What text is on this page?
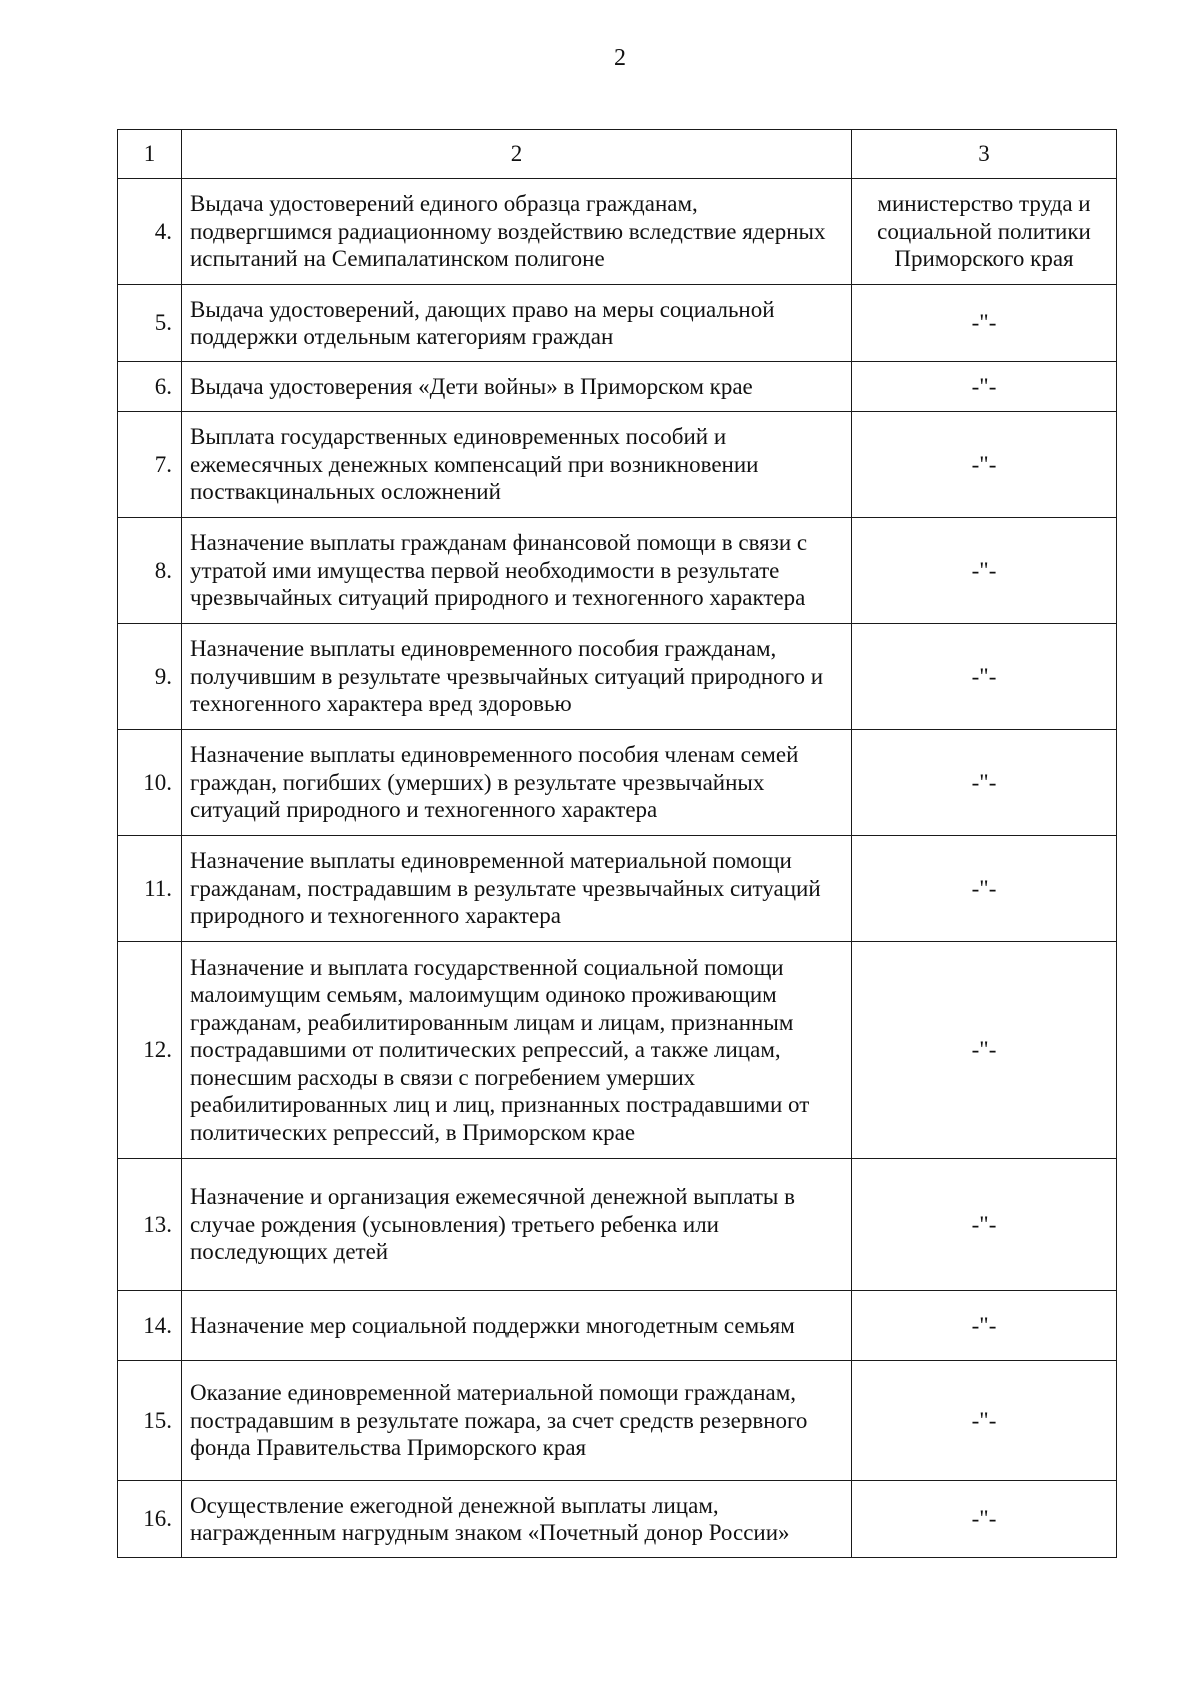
2
1	2	3
4.	Выдача удостоверений единого образца гражданам, подвергшимся радиационному воздействию вследствие ядерных испытаний на Семипалатинском полигоне	министерство труда и социальной политики Приморского края
5.	Выдача удостоверений, дающих право на меры социальной поддержки отдельным категориям граждан	-"-
6.	Выдача удостоверения «Дети войны» в Приморском крае	-"-
7.	Выплата государственных единовременных пособий и ежемесячных денежных компенсаций при возникновении поствакцинальных осложнений	-"-
8.	Назначение выплаты гражданам финансовой помощи в связи с утратой ими имущества первой необходимости в результате чрезвычайных ситуаций природного и техногенного характера	-"-
9.	Назначение выплаты единовременного пособия гражданам, получившим в результате чрезвычайных ситуаций природного и техногенного характера вред здоровью	-"-
10.	Назначение выплаты единовременного пособия членам семей граждан, погибших (умерших) в результате чрезвычайных ситуаций природного и техногенного характера	-"-
11.	Назначение выплаты единовременной материальной помощи гражданам, пострадавшим в результате чрезвычайных ситуаций природного и техногенного характера	-"-
12.	Назначение и выплата государственной социальной помощи малоимущим семьям, малоимущим одиноко проживающим гражданам, реабилитированным лицам и лицам, признанным пострадавшими от политических репрессий, а также лицам, понесшим расходы в связи с погребением умерших реабилитированных лиц и лиц, признанных пострадавшими от политических репрессий, в Приморском крае	-"-
13.	Назначение и организация ежемесячной денежной выплаты в случае рождения (усыновления) третьего ребенка или последующих детей	-"-
14.	Назначение мер социальной поддержки многодетным семьям	-"-
15.	Оказание единовременной материальной помощи гражданам, пострадавшим в результате пожара, за счет средств резервного фонда Правительства Приморского края	-"-
16.	Осуществление ежегодной денежной выплаты лицам, награжденным нагрудным знаком «Почетный донор России»	-"-
